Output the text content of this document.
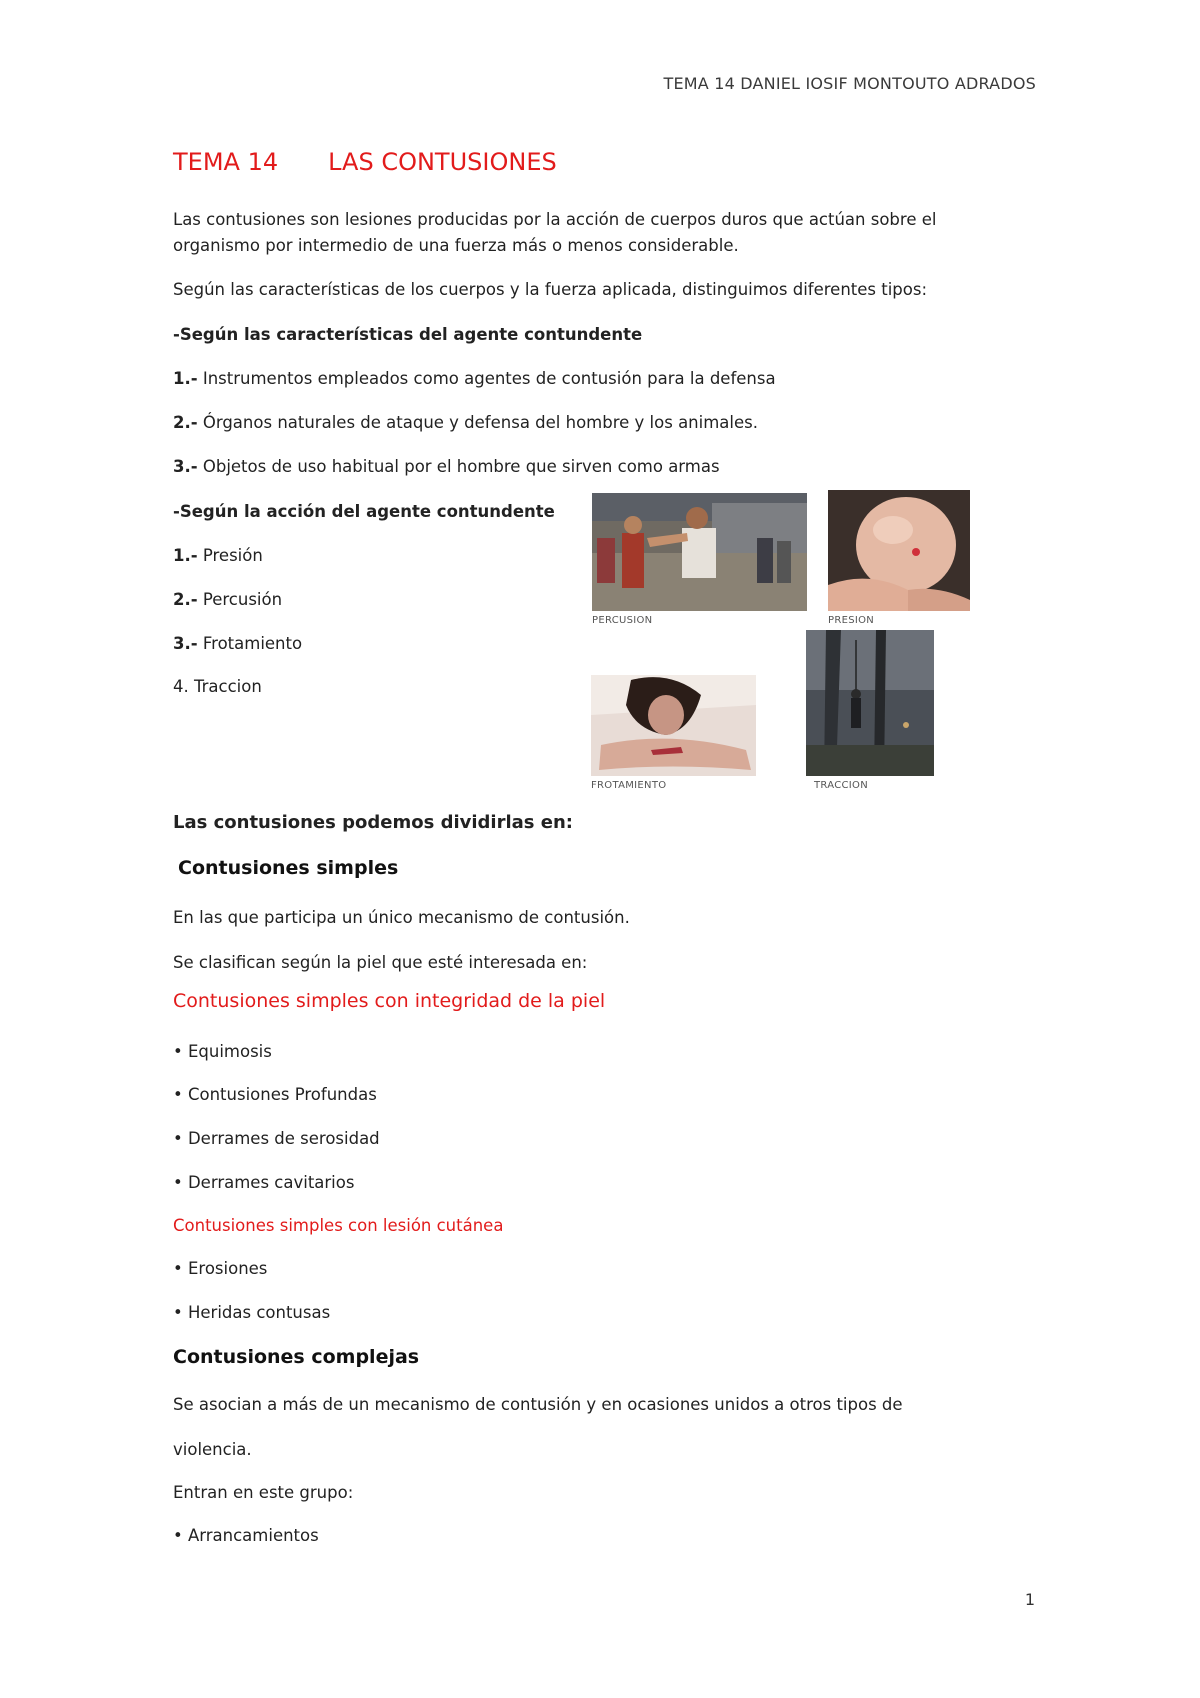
TEMA 14 DANIEL IOSIF MONTOUTO ADRADOS
TEMA 14 LAS CONTUSIONES
Las contusiones son lesiones producidas por la acción de cuerpos duros que actúan sobre el
organismo por intermedio de una fuerza más o menos considerable.
Según las características de los cuerpos y la fuerza aplicada, distinguimos diferentes tipos:
-Según las características del agente contundente
1.- Instrumentos empleados como agentes de contusión para la defensa
2.- Órganos naturales de ataque y defensa del hombre y los animales.
3.- Objetos de uso habitual por el hombre que sirven como armas
-Según la acción del agente contundente
1.- Presión
2.- Percusión
3.- Frotamiento
4. Traccion
PERCUSION	PRESION
FROTAMIENTO	TRACCION
Las contusiones podemos dividirlas en:
Contusiones simples
En las que participa un único mecanismo de contusión.
Se clasifican según la piel que esté interesada en:
Contusiones simples con integridad de la piel
• Equimosis
• Contusiones Profundas
• Derrames de serosidad
• Derrames cavitarios
Contusiones simples con lesión cutánea
• Erosiones
• Heridas contusas
Contusiones complejas
Se asocian a más de un mecanismo de contusión y en ocasiones unidos a otros tipos de
violencia.
Entran en este grupo:
• Arrancamientos
1
